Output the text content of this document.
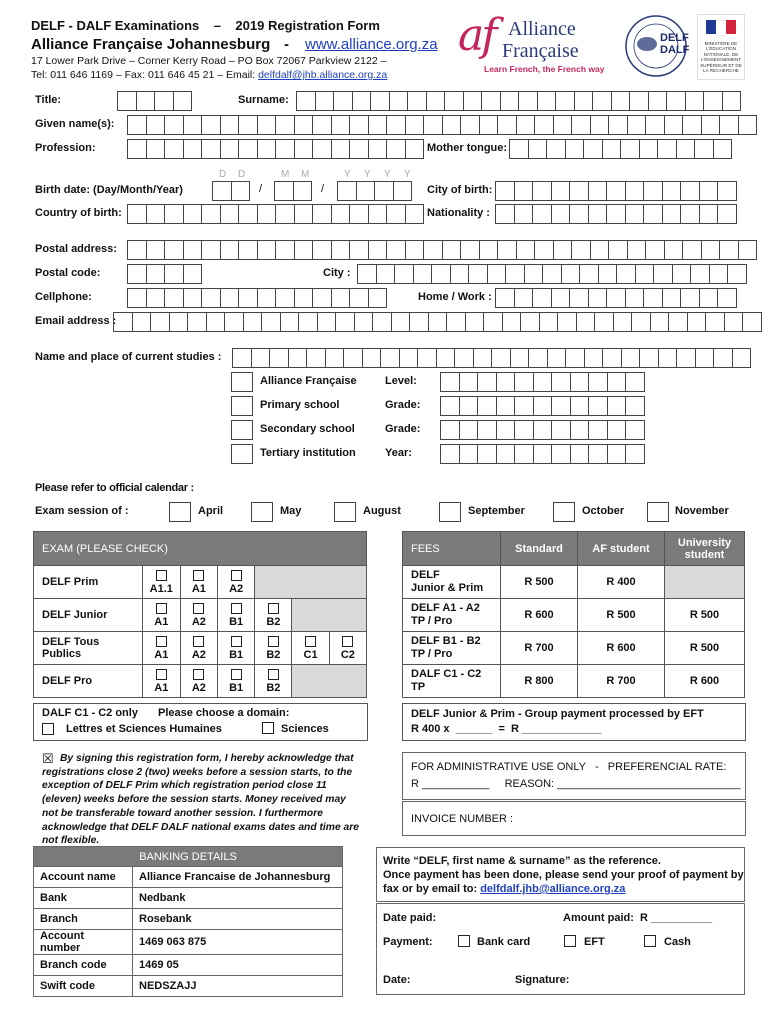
DELF - DALF Examinations    –    2019 Registration Form
Alliance Française Johannesburg - www.alliance.org.za
17 Lower Park Drive – Corner Kerry Road – PO Box 72067 Parkview 2122 –
Tel: 011 646 1169 – Fax: 011 646 45 21 – Email: delfdalf@jhb.alliance.org.za
af Alliance
Française
Learn French, the French way
DELF
DALF
MINISTÈRE DE L'ÉDUCATION NATIONALE, DE L'ENSEIGNEMENT SUPÉRIEUR ET DE LA RECHERCHE
Title:	Surname:
Given name(s):
Profession:	Mother tongue:
D D	M M	Y Y Y Y
Birth date: (Day/Month/Year)	/	/	City of birth:
Country of birth:	Nationality :
Postal address:
Postal code:	City :
Cellphone:	Home / Work :
Email address :
Name and place of current studies :
Alliance Française	Level:
Primary school	Grade:
Secondary school	Grade:
Tertiary institution	Year:
Please refer to official calendar :
Exam session of :	April	May	August	September	October	November
EXAM (PLEASE CHECK)						
DELF Prim	A1.1	A1	A2			
DELF Junior	A1	A2	B1	B2		
DELF Tous Publics	A1	A2	B1	B2	C1	C2
DELF Pro	A1	A2	B1	B2		
DALF C1 - C2 only Please choose a domain:
Lettres et Sciences Humaines	Sciences
FEES	Standard	AF student	University student
DELF
Junior & Prim	R 500	R 400	
DELF A1 - A2
TP / Pro	R 600	R 500	R 500
DELF B1 - B2
TP / Pro	R 700	R 600	R 500
DALF C1 - C2
TP	R 800	R 700	R 600
DELF Junior & Prim - Group payment processed by EFT
R 400 x  ______  =  R _____________
☒ By signing this registration form, I hereby acknowledge that registrations close 2 (two) weeks before a session starts, to the exception of DELF Prim which registration period close 11 (eleven) weeks before the session starts. Money received may not be transferable toward another session. I furthermore acknowledge that DELF DALF national exams dates and time are not flexible.
FOR ADMINISTRATIVE USE ONLY   -   PREFERENCIAL RATE:
R ___________     REASON: ______________________________
INVOICE NUMBER :
BANKING DETAILS	
Account name	Alliance Francaise de Johannesburg
Bank	Nedbank
Branch	Rosebank
Account number	1469 063 875
Branch code	1469 05
Swift code	NEDSZAJJ
Write “DELF, first name & surname” as the reference.
Once payment has been done, please send your proof of payment by
fax or by email to: delfdalf.jhb@alliance.org.za
Date paid:	Amount paid:  R __________
Payment:	Bank card	EFT	Cash
Date:	Signature:
